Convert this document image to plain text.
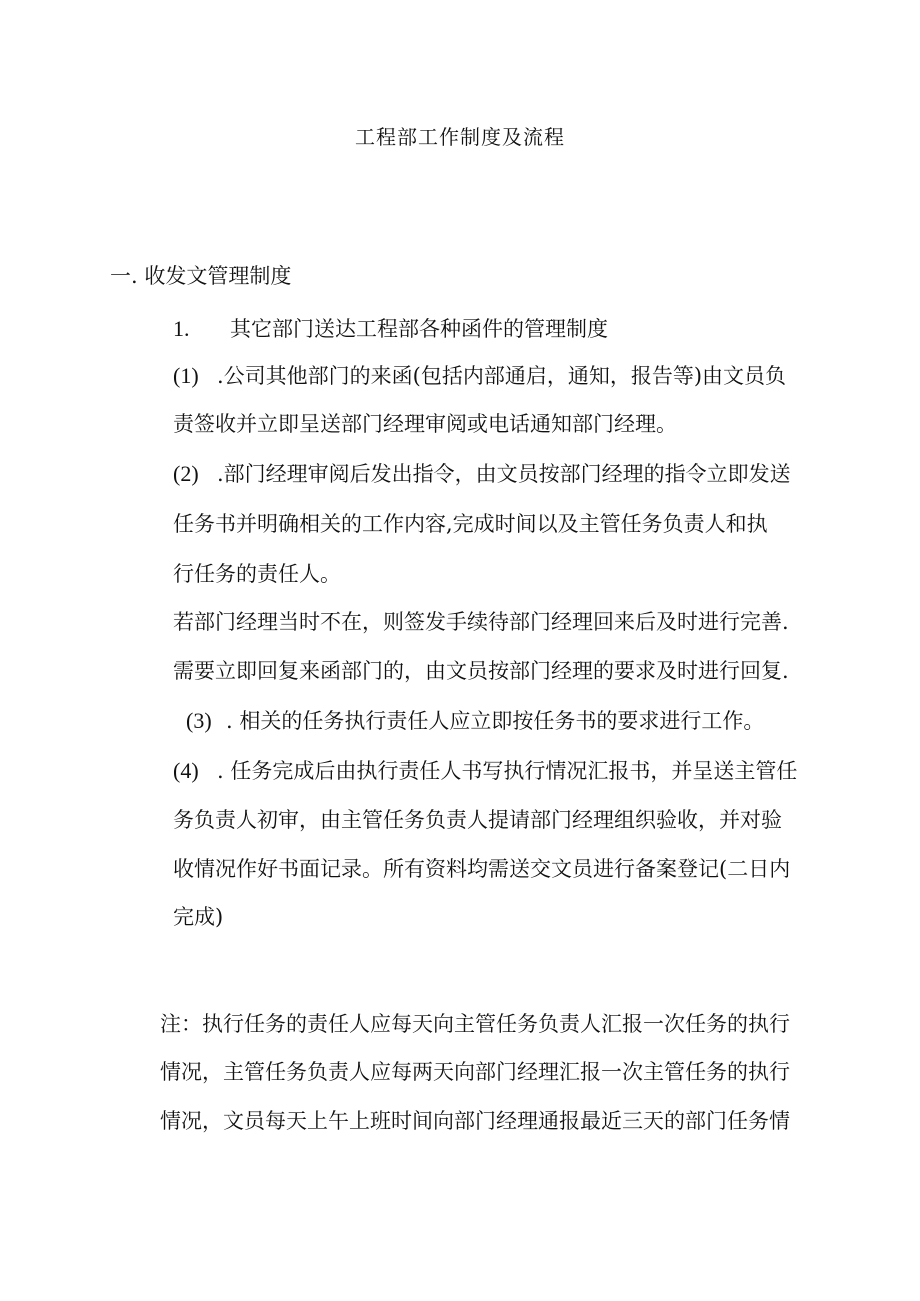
工程部工作制度及流程
一. 收发文管理制度
1. 其它部门送达工程部各种函件的管理制度
(1) .公司其他部门的来函(包括内部通启，通知，报告等)由文员负
责签收并立即呈送部门经理审阅或电话通知部门经理。
(2) .部门经理审阅后发出指令，由文员按部门经理的指令立即发送
任务书并明确相关的工作内容,完成时间以及主管任务负责人和执
行任务的责任人。
若部门经理当时不在，则签发手续待部门经理回来后及时进行完善.
需要立即回复来函部门的，由文员按部门经理的要求及时进行回复.
(3) . 相关的任务执行责任人应立即按任务书的要求进行工作。
(4) . 任务完成后由执行责任人书写执行情况汇报书，并呈送主管任
务负责人初审，由主管任务负责人提请部门经理组织验收，并对验
收情况作好书面记录。所有资料均需送交文员进行备案登记(二日内
完成)
注：执行任务的责任人应每天向主管任务负责人汇报一次任务的执行
情况，主管任务负责人应每两天向部门经理汇报一次主管任务的执行
情况，文员每天上午上班时间向部门经理通报最近三天的部门任务情
